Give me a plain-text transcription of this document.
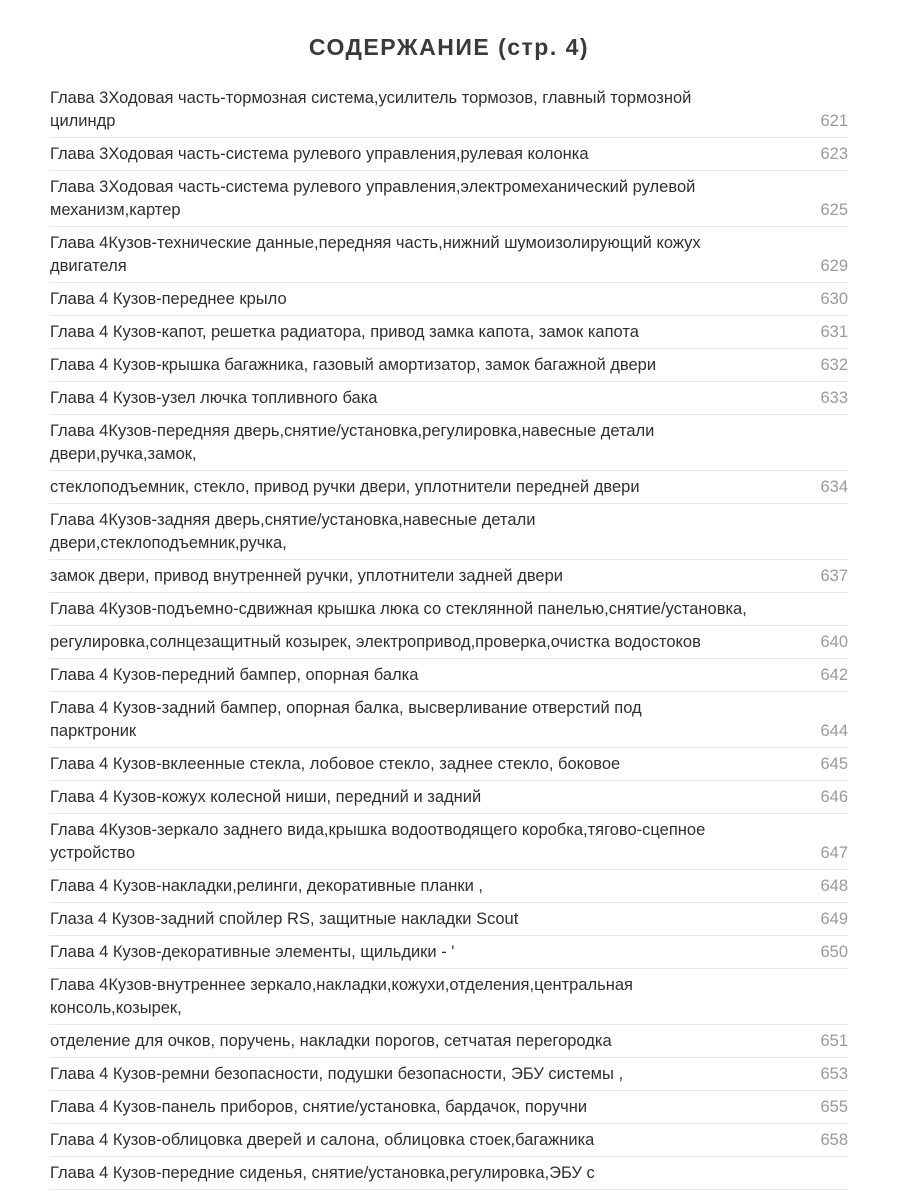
СОДЕРЖАНИЕ (стр. 4)
Глава 3Ходовая часть-тормозная система,усилитель тормозов, главный тормозной
цилиндр	621
Глава 3Ходовая часть-система рулевого управления,рулевая колонка	623
Глава 3Ходовая часть-система рулевого управления,электромеханический рулевой
механизм,картер	625
Глава 4Кузов-технические данные,передняя часть,нижний шумоизолирующий кожух
двигателя	629
Глава 4 Кузов-переднее крыло	630
Глава 4 Кузов-капот, решетка радиатора, привод замка капота, замок капота	631
Глава 4 Кузов-крышка багажника, газовый амортизатор, замок багажной двери	632
Глава 4 Кузов-узел лючка топливного бака	633
Глава 4Кузов-передняя дверь,снятие/установка,регулировка,навесные детали
двери,ручка,замок,
стеклоподъемник, стекло, привод ручки двери, уплотнители передней двери	634
Глава 4Кузов-задняя дверь,снятие/установка,навесные детали
двери,стеклоподъемник,ручка,
замок двери, привод внутренней ручки, уплотнители задней двери	637
Глава 4Кузов-подъемно-сдвижная крышка люка со стеклянной панелью,снятие/установка,
регулировка,солнцезащитный козырек, электропривод,проверка,очистка водостоков	640
Глава 4 Кузов-передний бампер, опорная балка	642
Глава 4 Кузов-задний бампер, опорная балка, высверливание отверстий под
парктроник	644
Глава 4 Кузов-вклеенные стекла, лобовое стекло, заднее стекло, боковое	645
Глава 4 Кузов-кожух колесной ниши, передний и задний	646
Глава 4Кузов-зеркало заднего вида,крышка водоотводящего коробка,тягово-сцепное
устройство	647
Глава 4 Кузов-накладки,релинги, декоративные планки ,	648
Глаза 4 Кузов-задний спойлер RS, защитные накладки Scout	649
Глава 4 Кузов-декоративные элементы, щильдики - '	650
Глава 4Кузов-внутреннее зеркало,накладки,кожухи,отделения,центральная
консоль,козырек,
отделение для очков, поручень, накладки порогов, сетчатая перегородка	651
Глава 4 Кузов-ремни безопасности, подушки безопасности, ЭБУ системы ,	653
Глава 4 Кузов-панель приборов, снятие/установка, бардачок, поручни	655
Глава 4 Кузов-облицовка дверей и салона, облицовка стоек,багажника	658
Глава 4 Кузов-передние сиденья, снятие/установка,регулировка,ЭБУ с
